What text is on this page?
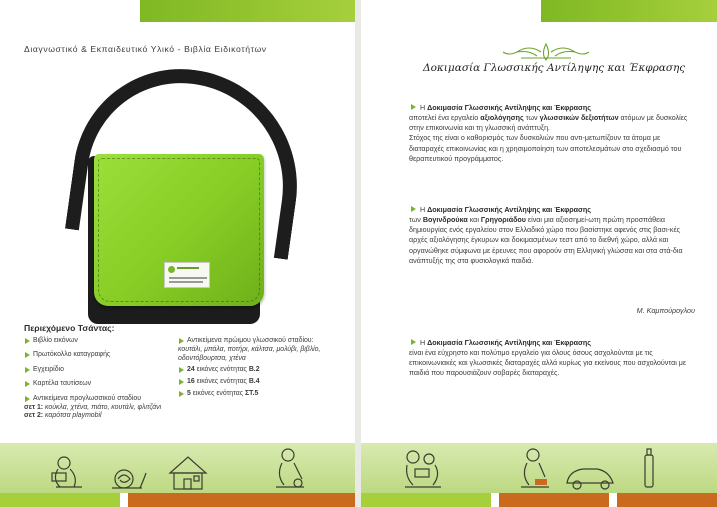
Διαγνωστικό & Εκπαιδευτικό Υλικό - Βιβλία Ειδικοτήτων
Περιεχόμενο Τσάντας:
Βιβλίο εικόνων
Πρωτόκολλο καταγραφής
Εγχειρίδιο
Καρτέλα ταυτίσεων
Αντικείμενα προγλωσσικού σταδίου
σετ 1: κούκλα, χτένα, πιάτο, κουτάλι, φλιτζάνι
σετ 2: καρότσα playmobil
Αντικείμενα πρώιμου γλωσσικού σταδίου:
κουτάλι, μπάλα, ποτήρι, κάλτσα, μολύβι, βιβλίο, οδοντόβουρτσα, χτένα
24 εικόνες ενότητας Β.2
16 εικόνες ενότητας Β.4
5 εικόνες ενότητας ΣΤ.5
Δοκιμασία Γλωσσικής Αντίληψης και Έκφρασης

Η Δοκιμασία Γλωσσικής Αντίληψης και Έκφρασης
αποτελεί ένα εργαλείο αξιολόγησης των γλωσσικών δεξιοτήτων ατόμων με δυσκολίες στην επικοινωνία και τη γλωσσική ανάπτυξη.
Στόχος της είναι ο καθορισμός των δυσκολιών που αντι-μετωπίζουν τα άτομα με διαταραχές επικοινωνίας και η χρησιμοποίηση των αποτελεσμάτων στο σχεδιασμό του θεραπευτικού προγράμματος.

Η Δοκιμασία Γλωσσικής Αντίληψης και Έκφρασης
των Βογινδρούκα και Γρηγοριάδου είναι μια αξιοσημεί-ωτη πρώτη προσπάθεια δημιουργίας ενός εργαλείου στον Ελλαδικό χώρο που βασίστηκε αφενός στις βασι-κές αρχές αξιολόγησης έγκυρων και δοκιμασμένων τεστ από το διεθνή χώρο, αλλά και οργανώθηκε σύμφωνα με έρευνες που αφορούν στη Ελληνική γλώσσα και στα στά-δια ανάπτυξής της στα φυσιολογικά παιδιά.

Μ. Καμπούρογλου

Η Δοκιμασία Γλωσσικής Αντίληψης και Έκφρασης
είναι ένα εύχρηστο και πολύτιμο εργαλείο για όλους όσους ασχολούνται με τις επικοινωνιακές και γλωσσικές διαταραχές αλλά κυρίως για εκείνους που ασχολούνται με παιδιά που παρουσιάζουν σοβαρές διαταραχές.
